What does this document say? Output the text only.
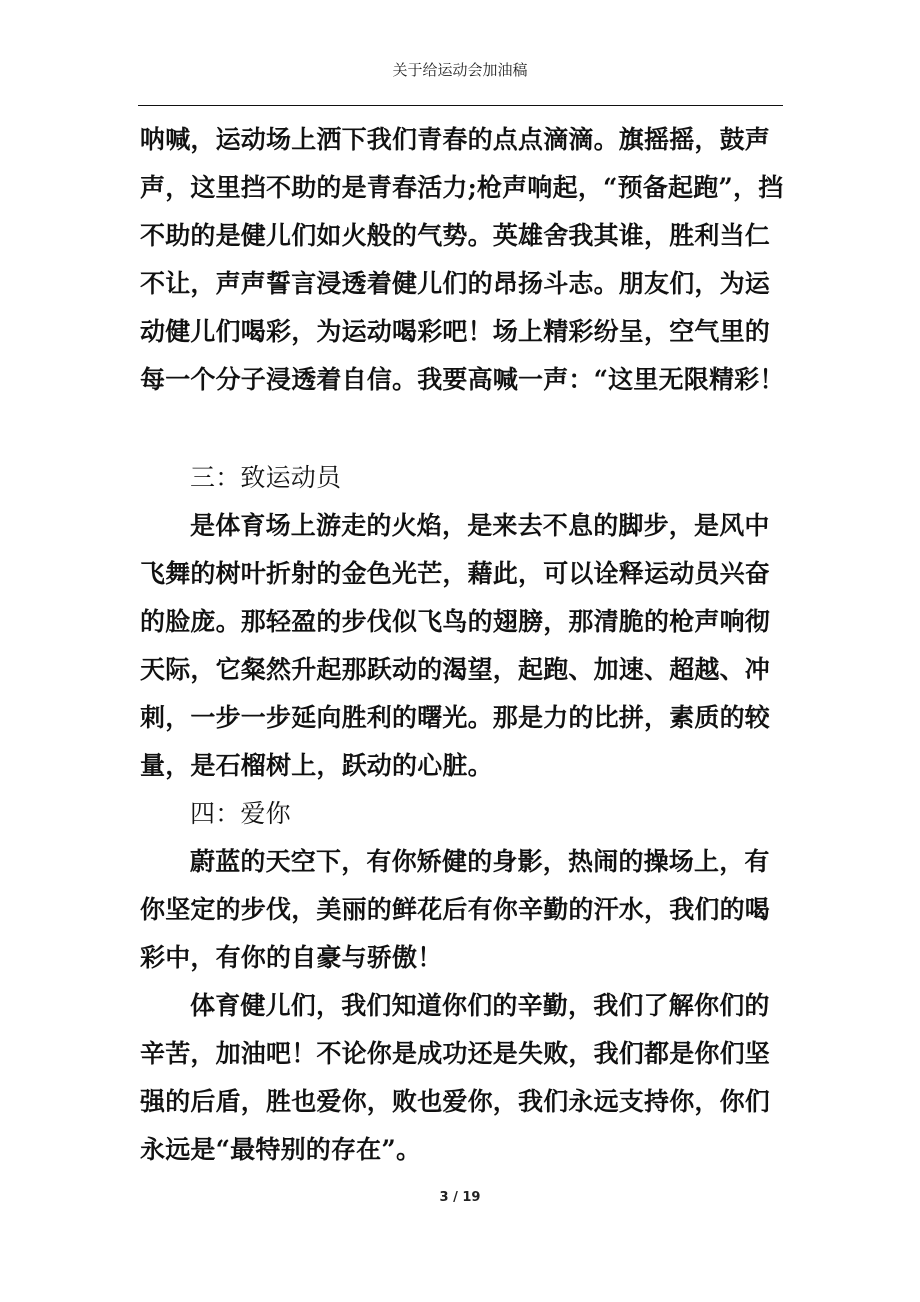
关于给运动会加油稿
呐喊，运动场上洒下我们青春的点点滴滴。旗摇摇，鼓声
声，这里挡不助的是青春活力;枪声响起，“预备起跑”，挡
不助的是健儿们如火般的气势。英雄舍我其谁，胜利当仁
不让，声声誓言浸透着健儿们的昂扬斗志。朋友们，为运
动健儿们喝彩，为运动喝彩吧！场上精彩纷呈，空气里的
每一个分子浸透着自信。我要高喊一声：“这里无限精彩！
三：致运动员
是体育场上游走的火焰，是来去不息的脚步，是风中
飞舞的树叶折射的金色光芒，藉此，可以诠释运动员兴奋
的脸庞。那轻盈的步伐似飞鸟的翅膀，那清脆的枪声响彻
天际，它粲然升起那跃动的渴望，起跑、加速、超越、冲
刺，一步一步延向胜利的曙光。那是力的比拼，素质的较
量，是石榴树上，跃动的心脏。
四：爱你
蔚蓝的天空下，有你矫健的身影，热闹的操场上，有
你坚定的步伐，美丽的鲜花后有你辛勤的汗水，我们的喝
彩中，有你的自豪与骄傲！
体育健儿们，我们知道你们的辛勤，我们了解你们的
辛苦，加油吧！不论你是成功还是失败，我们都是你们坚
强的后盾，胜也爱你，败也爱你，我们永远支持你，你们
永远是“最特别的存在”。
3 / 19
